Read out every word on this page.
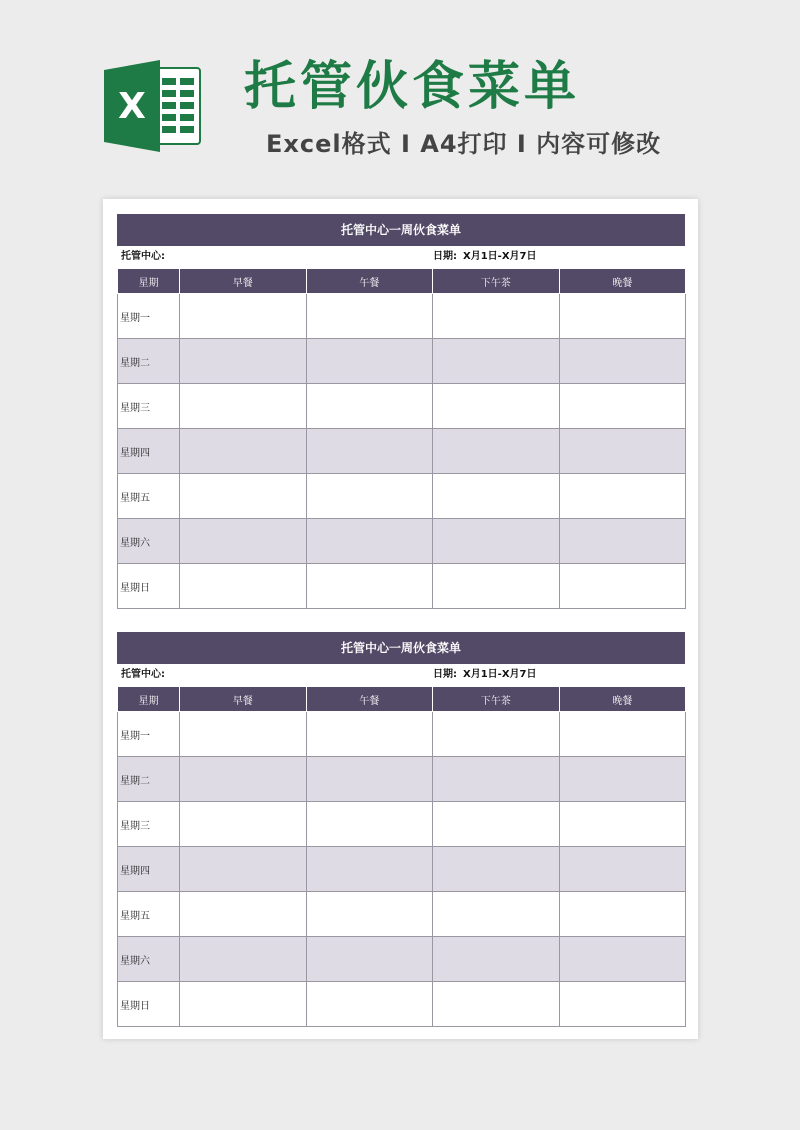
X 托管伙食菜单
Excel格式 I A4打印 I 内容可修改
托管中心一周伙食菜单
托管中心:	日期: X月1日-X月7日
星期	早餐	午餐	下午茶	晚餐
星期一				
星期二				
星期三				
星期四				
星期五				
星期六				
星期日				
托管中心一周伙食菜单
托管中心:	日期: X月1日-X月7日
星期	早餐	午餐	下午茶	晚餐
星期一				
星期二				
星期三				
星期四				
星期五				
星期六				
星期日				
